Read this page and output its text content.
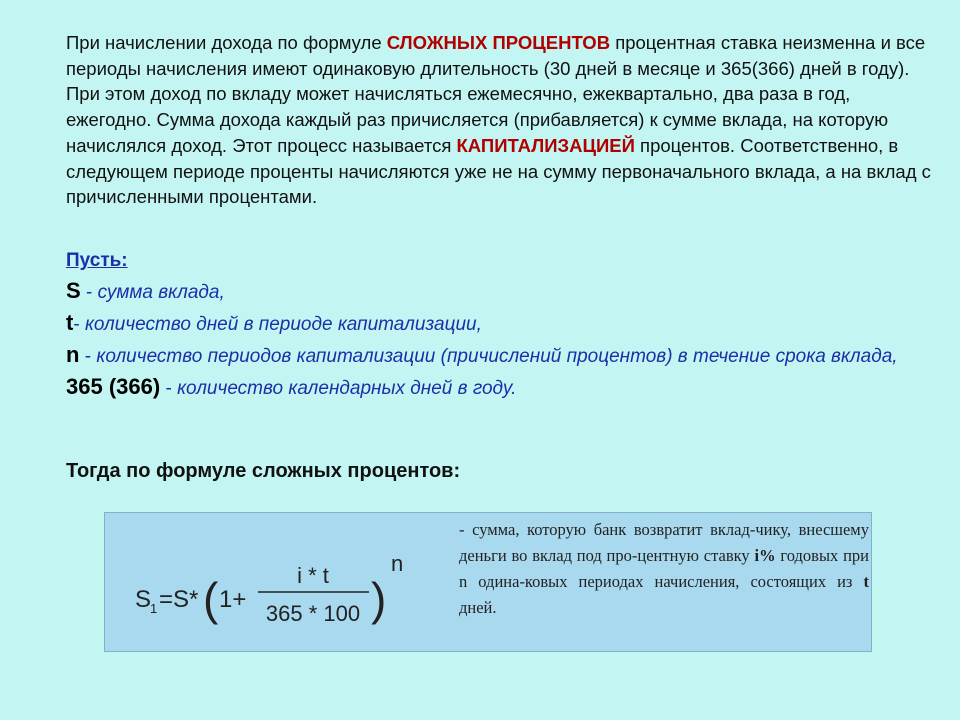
При начислении дохода по формуле СЛОЖНЫХ ПРОЦЕНТОВ процентная ставка неизменна и все периоды начисления имеют одинаковую длительность (30 дней в месяце и 365(366) дней в году). При этом доход по вкладу может начисляться ежемесячно, ежеквартально, два раза в год, ежегодно. Сумма дохода каждый раз причисляется (прибавляется) к сумме вклада, на которую начислялся доход. Этот процесс называется КАПИТАЛИЗАЦИЕЙ процентов. Соответственно, в следующем периоде проценты начисляются уже не на сумму первоначального вклада, а на вклад с причисленными процентами.
Пусть:
S - сумма вклада,
t- количество дней в периоде капитализации,
n - количество периодов капитализации (причислений процентов) в течение срока вклада,
365 (366) - количество календарных дней в году.
Тогда по формуле сложных процентов:
S
1 =S* ( 1+
i * t
365 * 100 )
n
- сумма, которую банк возвратит вклад-чику, внесшему деньги во вклад под про-центную ставку i% годовых при n одина-ковых периодах начисления, состоящих из t дней.
